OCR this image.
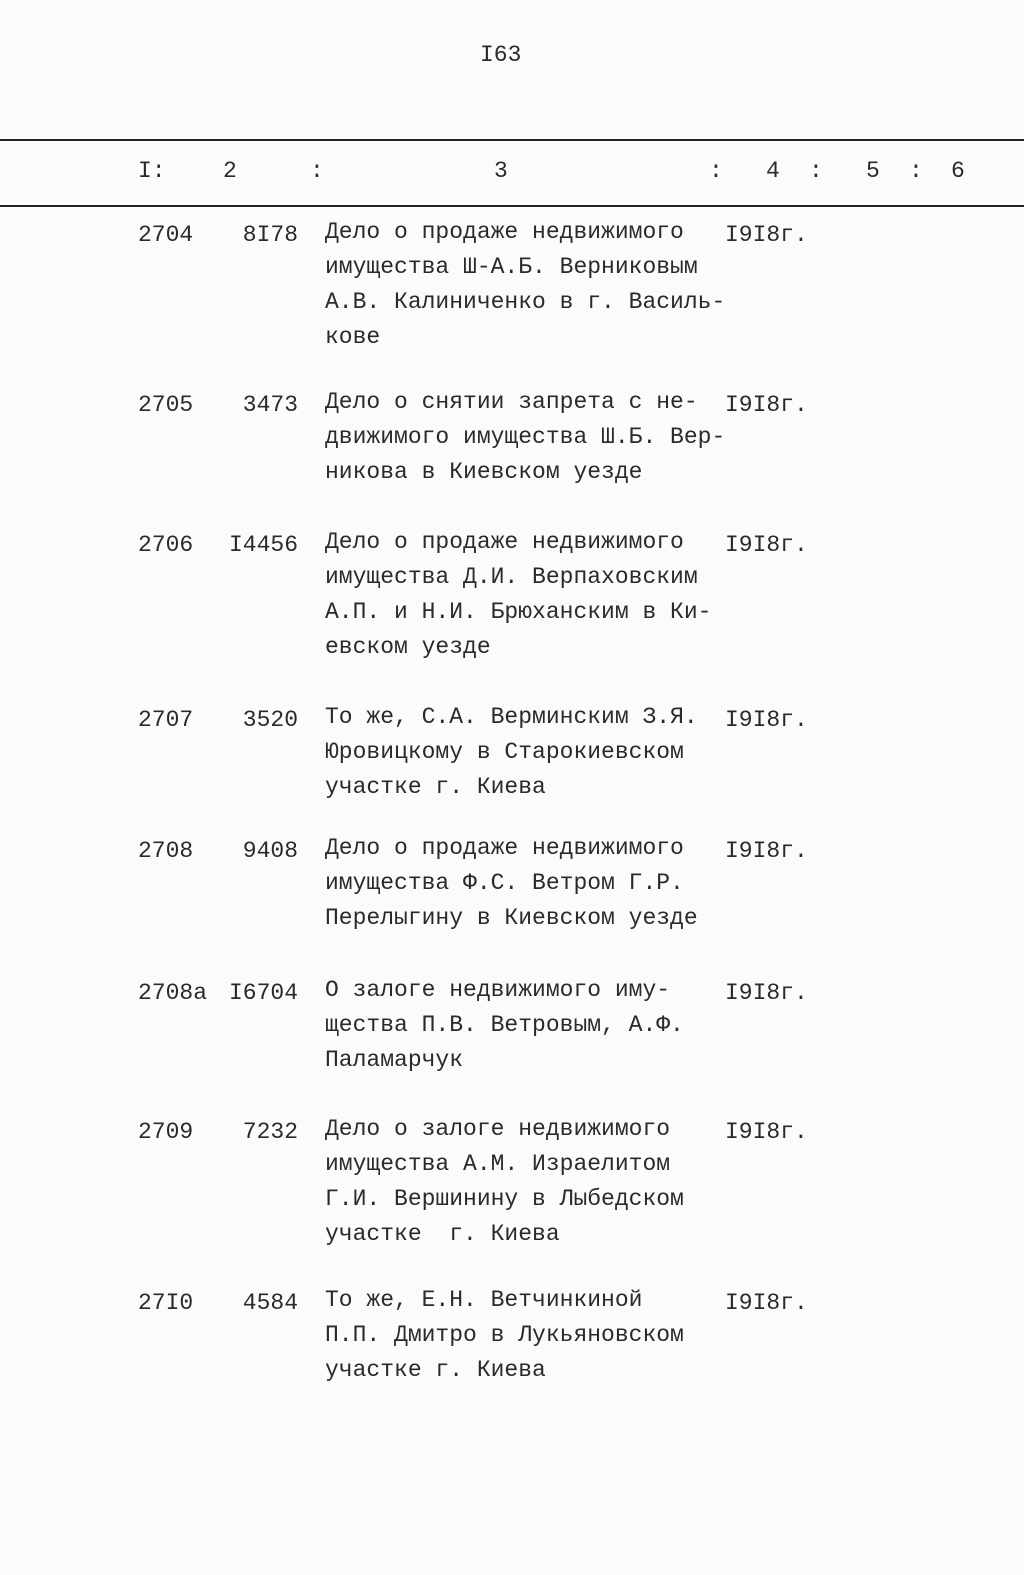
I63
I: 2	:	3	: 4 : 5 : 6
2704 8I78 Дело о продаже недвижимого
имущества Ш-А.Б. Верниковым
А.В. Калиниченко в г. Василь-
кове
I9I8г.
2705 3473 Дело о снятии запрета с не-
движимого имущества Ш.Б. Вер-
никова в Киевском уезде
I9I8г.
2706 I4456 Дело о продаже недвижимого
имущества Д.И. Верпаховским
А.П. и Н.И. Брюханским в Ки-
евском уезде
I9I8г.
2707 3520 То же, С.А. Верминским З.Я.
Юровицкому в Старокиевском
участке г. Киева
I9I8г.
2708 9408 Дело о продаже недвижимого
имущества Ф.С. Ветром Г.Р.
Перелыгину в Киевском уезде
I9I8г.
2708а I6704 О залоге недвижимого иму-
щества П.В. Ветровым, А.Ф.
Паламарчук
I9I8г.
2709 7232 Дело о залоге недвижимого
имущества А.М. Израелитом
Г.И. Вершинину в Лыбедском
участке  г. Киева
I9I8г.
27I0 4584 То же, Е.Н. Ветчинкиной
П.П. Дмитро в Лукьяновском
участке г. Киева
I9I8г.
